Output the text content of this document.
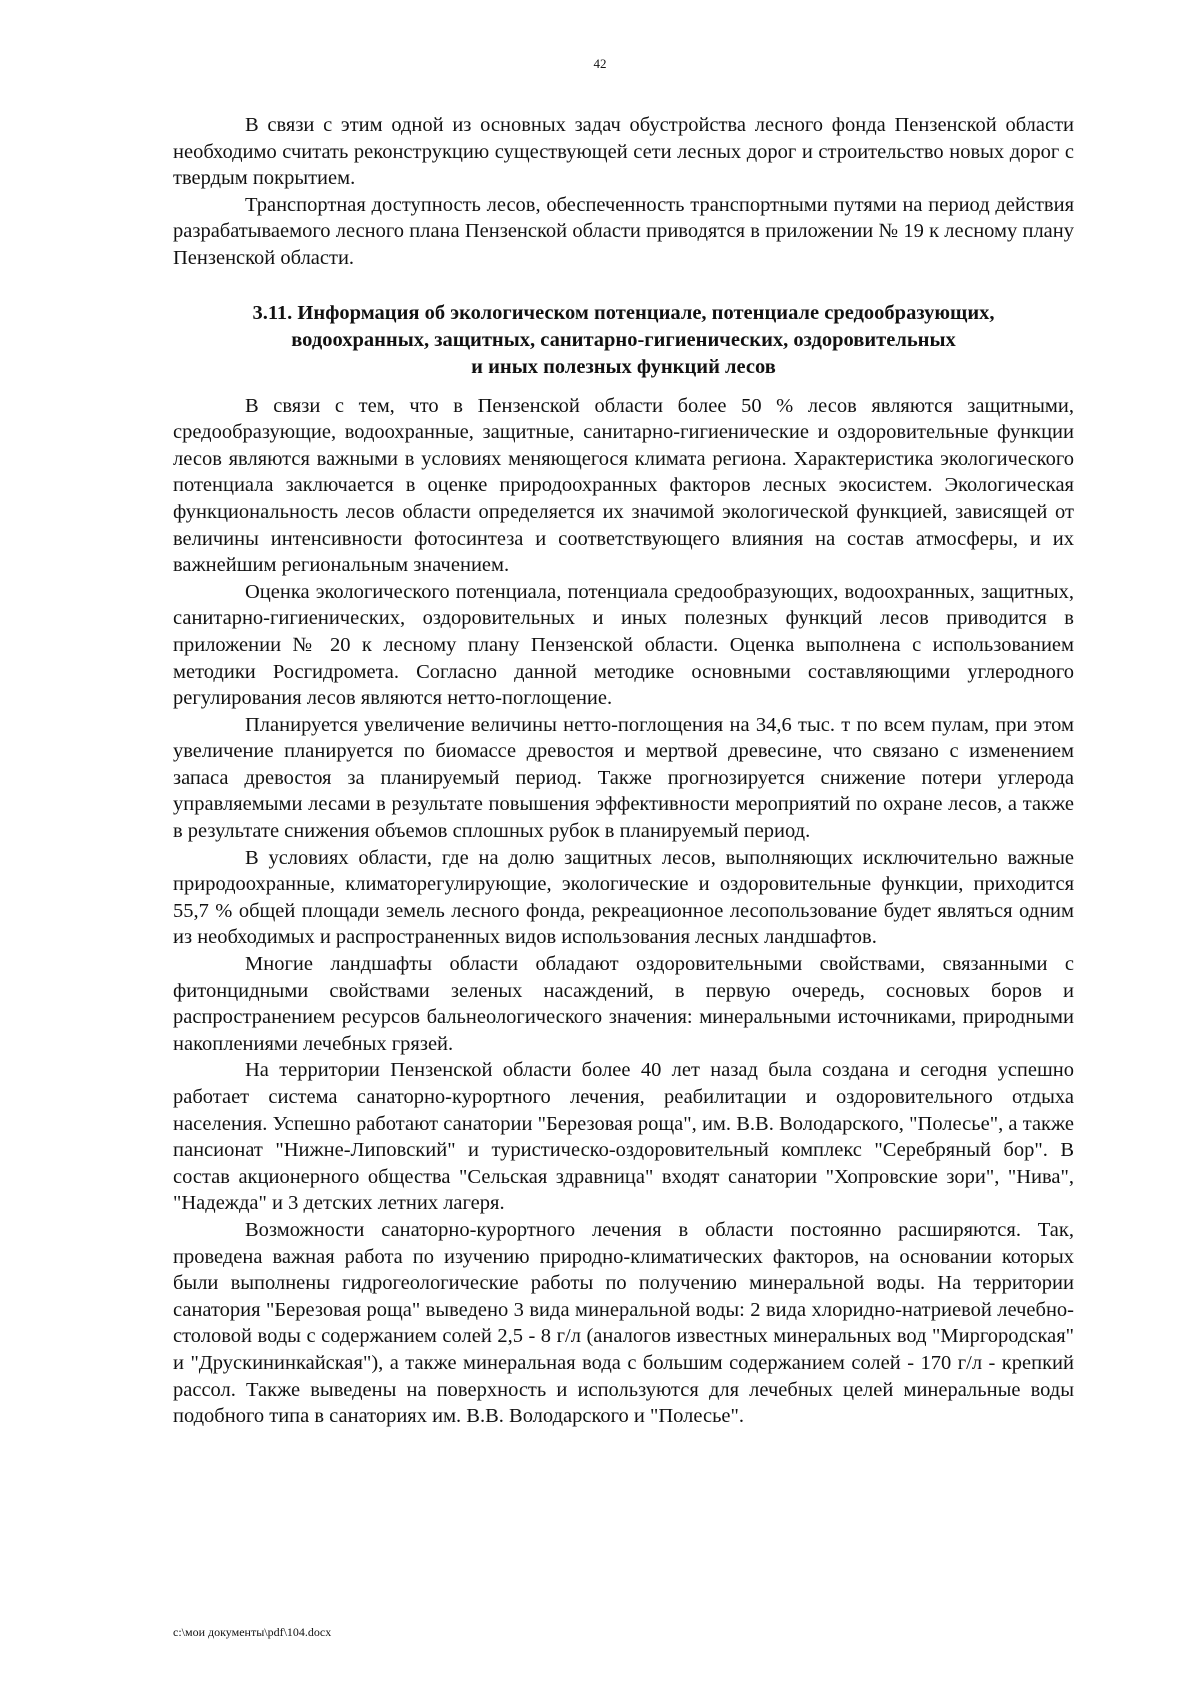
42

В связи с этим одной из основных задач обустройства лесного фонда Пензенской области необходимо считать реконструкцию существующей сети лесных дорог и строительство новых дорог с твердым покрытием.

Транспортная доступность лесов, обеспеченность транспортными путями на период действия разрабатываемого лесного плана Пензенской области приводятся в приложении № 19 к лесному плану Пензенской области.

3.11. Информация об экологическом потенциале, потенциале средообразующих,
водоохранных, защитных, санитарно-гигиенических, оздоровительных
и иных полезных функций лесов

В связи с тем, что в Пензенской области более 50 % лесов являются защитными, средообразующие, водоохранные, защитные, санитарно-гигиенические и оздоровительные функции лесов являются важными в условиях меняющегося климата региона. Характеристика экологического потенциала заключается в оценке природоохранных факторов лесных экосистем. Экологическая функциональность лесов области определяется их значимой экологической функцией, зависящей от величины интенсивности фотосинтеза и соответствующего влияния на состав атмосферы, и их важнейшим региональным значением.

Оценка экологического потенциала, потенциала средообразующих, водоохранных, защитных, санитарно-гигиенических, оздоровительных и иных полезных функций лесов приводится в приложении № 20 к лесному плану Пензенской области. Оценка выполнена с использованием методики Росгидромета. Согласно данной методике основными составляющими углеродного регулирования лесов являются нетто-поглощение.

Планируется увеличение величины нетто-поглощения на 34,6 тыс. т по всем пулам, при этом увеличение планируется по биомассе древостоя и мертвой древесине, что связано с изменением запаса древостоя за планируемый период. Также прогнозируется снижение потери углерода управляемыми лесами в результате повышения эффективности мероприятий по охране лесов, а также в результате снижения объемов сплошных рубок в планируемый период.

В условиях области, где на долю защитных лесов, выполняющих исключительно важные природоохранные, климаторегулирующие, экологические и оздоровительные функции, приходится 55,7 % общей площади земель лесного фонда, рекреационное лесопользование будет являться одним из необходимых и распространенных видов использования лесных ландшафтов.

Многие ландшафты области обладают оздоровительными свойствами, связанными с фитонцидными свойствами зеленых насаждений, в первую очередь, сосновых боров и распространением ресурсов бальнеологического значения: минеральными источниками, природными накоплениями лечебных грязей.

На территории Пензенской области более 40 лет назад была создана и сегодня успешно работает система санаторно-курортного лечения, реабилитации и оздоровительного отдыха населения. Успешно работают санатории "Березовая роща", им. В.В. Володарского, "Полесье", а также пансионат "Нижне-Липовский" и туристическо-оздоровительный комплекс "Серебряный бор". В состав акционерного общества "Сельская здравница" входят санатории "Хопровские зори", "Нива", "Надежда" и 3 детских летних лагеря.

Возможности санаторно-курортного лечения в области постоянно расширяются. Так, проведена важная работа по изучению природно-климатических факторов, на основании которых были выполнены гидрогеологические работы по получению минеральной воды. На территории санатория "Березовая роща" выведено 3 вида минеральной воды: 2 вида хлоридно-натриевой лечебно-столовой воды с содержанием солей 2,5 - 8 г/л (аналогов известных минеральных вод "Миргородская" и "Друскининкайская"), а также минеральная вода с большим содержанием солей - 170 г/л - крепкий рассол. Также выведены на поверхность и используются для лечебных целей минеральные воды подобного типа в санаториях им. В.В. Володарского и "Полесье".

c:\мои документы\pdf\104.docx
